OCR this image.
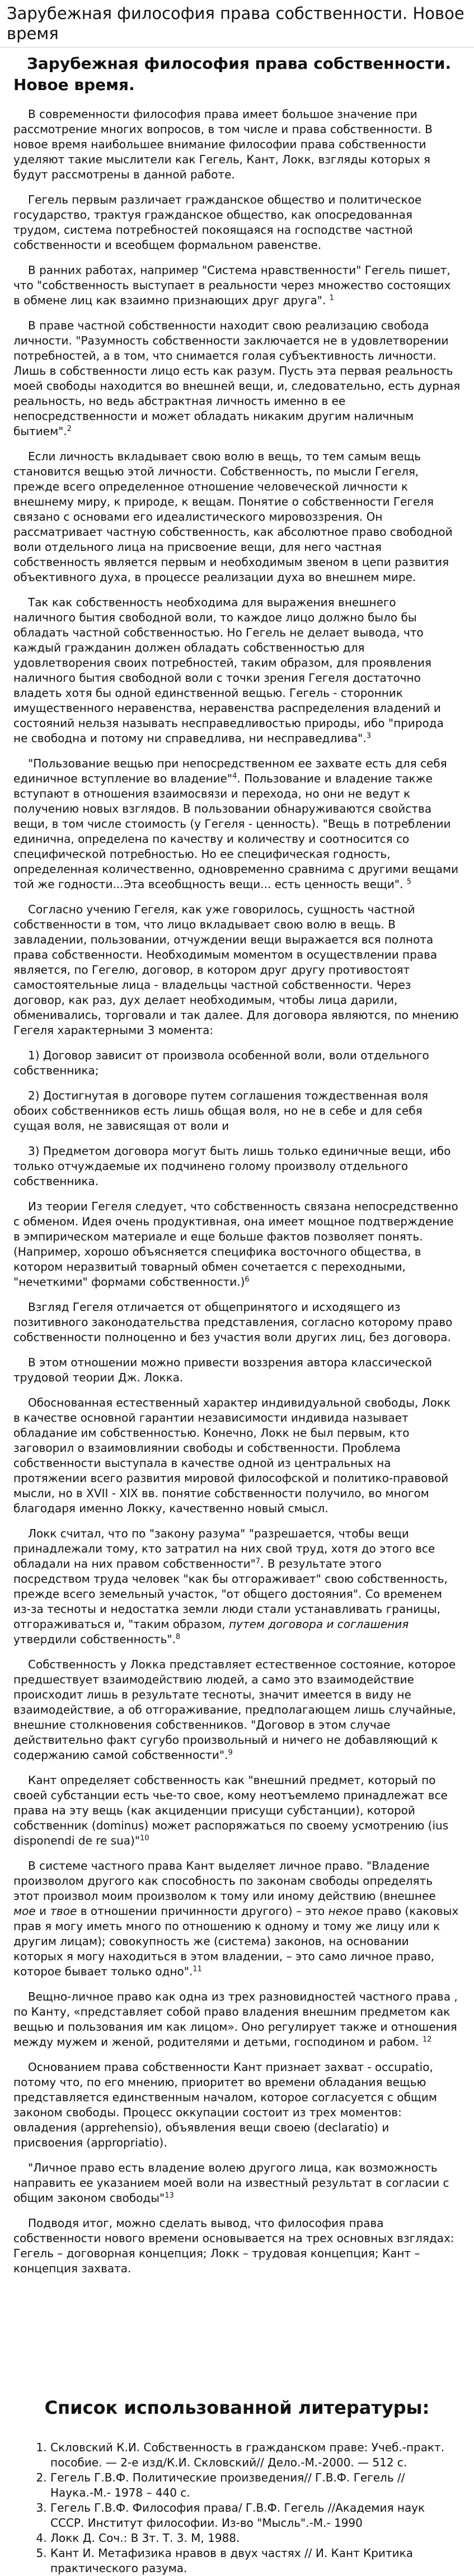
Зарубежная философия права собственности. Новое время
Зарубежная философия права собственности. Новое время.

В современности философия права имеет большое значение при рассмотрение многих вопросов, в том числе и права собственности. В новое время наибольшее внимание философии права собственности уделяют такие мыслители как Гегель, Кант, Локк, взгляды которых я будут рассмотрены в данной работе.

Гегель первым различает гражданское общество и политическое государство, трактуя гражданское общество, как опосредованная трудом, система потребностей покоящаяся на господстве частной собственности и всеобщем формальном равенстве.

В ранних работах, например "Система нравственности" Гегель пишет, что "собственность выступает в реальности через множество состоящих в обмене лиц как взаимно признающих друг друга". $^1$

В праве частной собственности находит свою реализацию свобода личности. "Разумность собственности заключается не в удовлетворении потребностей, а в том, что снимается голая субъективность личности. Лишь в собственности лицо есть как разум. Пусть эта первая реальность моей свободы находится во внешней вещи, и, следовательно, есть дурная реальность, но ведь абстрактная личность именно в ее непосредственности и может обладать никаким другим наличным бытием".$^2$

Если личность вкладывает свою волю в вещь, то тем самым вещь становится вещью этой личности. Собственность, по мысли Гегеля, прежде всего определенное отношение человеческой личности к внешнему миру, к природе, к вещам. Понятие о собственности Гегеля связано с основами его идеалистического мировоззрения. Он рассматривает частную собственность, как абсолютное право свободной воли отдельного лица на присвоение вещи, для него частная собственность является первым и необходимым звеном в цепи развития объективного духа, в процессе реализации духа во внешнем мире.

Так как собственность необходима для выражения внешнего наличного бытия свободной воли, то каждое лицо должно было бы обладать частной собственностью. Но Гегель не делает вывода, что каждый гражданин должен обладать собственностью для удовлетворения своих потребностей, таким образом, для проявления наличного бытия свободной воли с точки зрения Гегеля достаточно владеть хотя бы одной единственной вещью. Гегель - сторонник имущественного неравенства, неравенства распределения владений и состояний нельзя называть несправедливостью природы, ибо "природа не свободна и потому ни справедлива, ни несправедлива".$^3$

"Пользование вещью при непосредственном ее захвате есть для себя единичное вступление во владение"$^4$. Пользование и владение также вступают в отношения взаимосвязи и перехода, но они не ведут к получению новых взглядов. В пользовании обнаруживаются свойства вещи, в том числе стоимость (у Гегеля - ценность). "Вещь в потреблении единична, определена по качеству и количеству и соотносится со специфической потребностью. Но ее специфическая годность, определенная количественно, одновременно сравнима с другими вещами той же годности...Эта всеобщность вещи... есть ценность вещи". $^5$

Согласно учению Гегеля, как уже говорилось, сущность частной собственности в том, что лицо вкладывает свою волю в вещь. В завладении, пользовании, отчуждении вещи выражается вся полнота права собственности. Необходимым моментом в осуществлении права является, по Гегелю, договор, в котором друг другу противостоят самостоятельные лица - владельцы частной собственности. Через договор, как раз, дух делает необходимым, чтобы лица дарили, обменивались, торговали и так далее. Для договора являются, по мнению Гегеля характерными 3 момента:

1) Договор зависит от произвола особенной воли, воли отдельного собственника;

2) Достигнутая в договоре путем соглашения тождественная воля обоих собственников есть лишь общая воля, но не в себе и для себя сущая воля, не зависящая от воли и

3) Предметом договора могут быть лишь только единичные вещи, ибо только отчуждаемые их подчинено голому произволу отдельного собственника.

Из теории Гегеля следует, что собственность связана непосредственно с обменом. Идея очень продуктивная, она имеет мощное подтверждение в эмпирическом материале и еще больше фактов позволяет понять. (Например, хорошо объясняется специфика восточного общества, в котором неразвитый товарный обмен сочетается с переходными, "нечеткими" формами собственности.)$^6$

Взгляд Гегеля отличается от общепринятого и исходящего из позитивного законодательства представления, согласно которому право собственности полноценно и без участия воли других лиц, без договора.

В этом отношении можно привести воззрения автора классической трудовой теории Дж. Локка.

Обоснованная естественный характер индивидуальной свободы, Локк в качестве основной гарантии независимости индивида называет обладание им собственностью. Конечно, Локк не был первым, кто заговорил о взаимовлиянии свободы и собственности. Проблема собственности выступала в качестве одной из центральных на протяжении всего развития мировой философской и политико-правовой мысли, но в XVII - XIX вв. понятие собственности получило, во многом благодаря именно Локку, качественно новый смысл.

Локк считал, что по "закону разума" "разрешается, чтобы вещи принадлежали тому, кто затратил на них свой труд, хотя до этого все обладали на них правом собственности"$^7$. В результате этого посредством труда человек "как бы отгораживает" свою собственность, прежде всего земельный участок, "от общего достояния". Со временем из-за тесноты и недостатка земли люди стали устанавливать границы, отгораживаться и, "таким образом, путем договора и соглашения утвердили собственность".$^8$

Собственность у Локка представляет естественное состояние, которое предшествует взаимодействию людей, а само это взаимодействие происходит лишь в результате тесноты, значит имеется в виду не взаимодействие, а об отгораживание, предполагающем лишь случайные, внешние столкновения собственников. "Договор в этом случае действительно факт сугубо произвольный и ничего не добавляющий к содержанию самой собственности".$^9$

Кант определяет собственность как "внешний предмет, который по своей субстанции есть чье-то свое, кому неотъемлемо принадлежат все права на эту вещь (как акциденции присущи субстанции), которой собственник (dominus) может распоряжаться по своему усмотрению (ius disponendi de re sua)"$^{10}$

В системе частного права Кант выделяет личное право. "Владение произволом другого как способность по законам свободы определять этот произвол моим произволом к тому или иному действию (внешнее мое и твое в отношении причинности другого) – это некое право (каковых прав я могу иметь много по отношению к одному и тому же лицу или к другим лицам); совокупность же (система) законов, на основании которых я могу находиться в этом владении, – это само личное право, которое бывает только одно".$^{11}$

Вещно-личное право как одна из трех разновидностей частного права , по Канту, «представляет собой право владения внешним предметом как вещью и пользования им как лицом». Оно регулирует также и отношения между мужем и женой, родителями и детьми, господином и рабом. $^{12}$

Основанием права собственности Кант признает захват - occupatio, потому что, по его мнению, приоритет во времени обладания вещью представляется единственным началом, которое согласуется с общим законом свободы. Процесс оккупации состоит из трех моментов: овладения (apprehensio), объявления вещи своею (declaratio) и присвоения (appropriatio).

"Личное право есть владение волею другого лица, как возможность направить ее указанием моей воли на известный результат в согласии с общим законом свободы"$^{13}$

Подводя итог, можно сделать вывод, что философия права собственности нового времени основывается на трех основных взглядах: Гегель – договорная концепция; Локк – трудовая концепция; Кант – концепция захвата.

Список использованной литературы:
1. Скловский К.И. Собственность в гражданском праве: Учеб.-практ. пособие. — 2-е изд/К.И. Скловский// Дело.-М.-2000. — 512 с.
2. Гегель Г.В.Ф. Политические произведения// Г.В.Ф. Гегель //Наука.-М.- 1978 – 440 с.
3. Гегель Г.В.Ф. Философия права/ Г.В.Ф. Гегель //Академия наук СССР. Институт философии. Из-во "Мысль".-М.- 1990
4. Локк Д. Соч.: В 3т. Т. 3. М, 1988.
5. Кант И. Метафизика нравов в двух частях // И. Кант Критика практического разума.
